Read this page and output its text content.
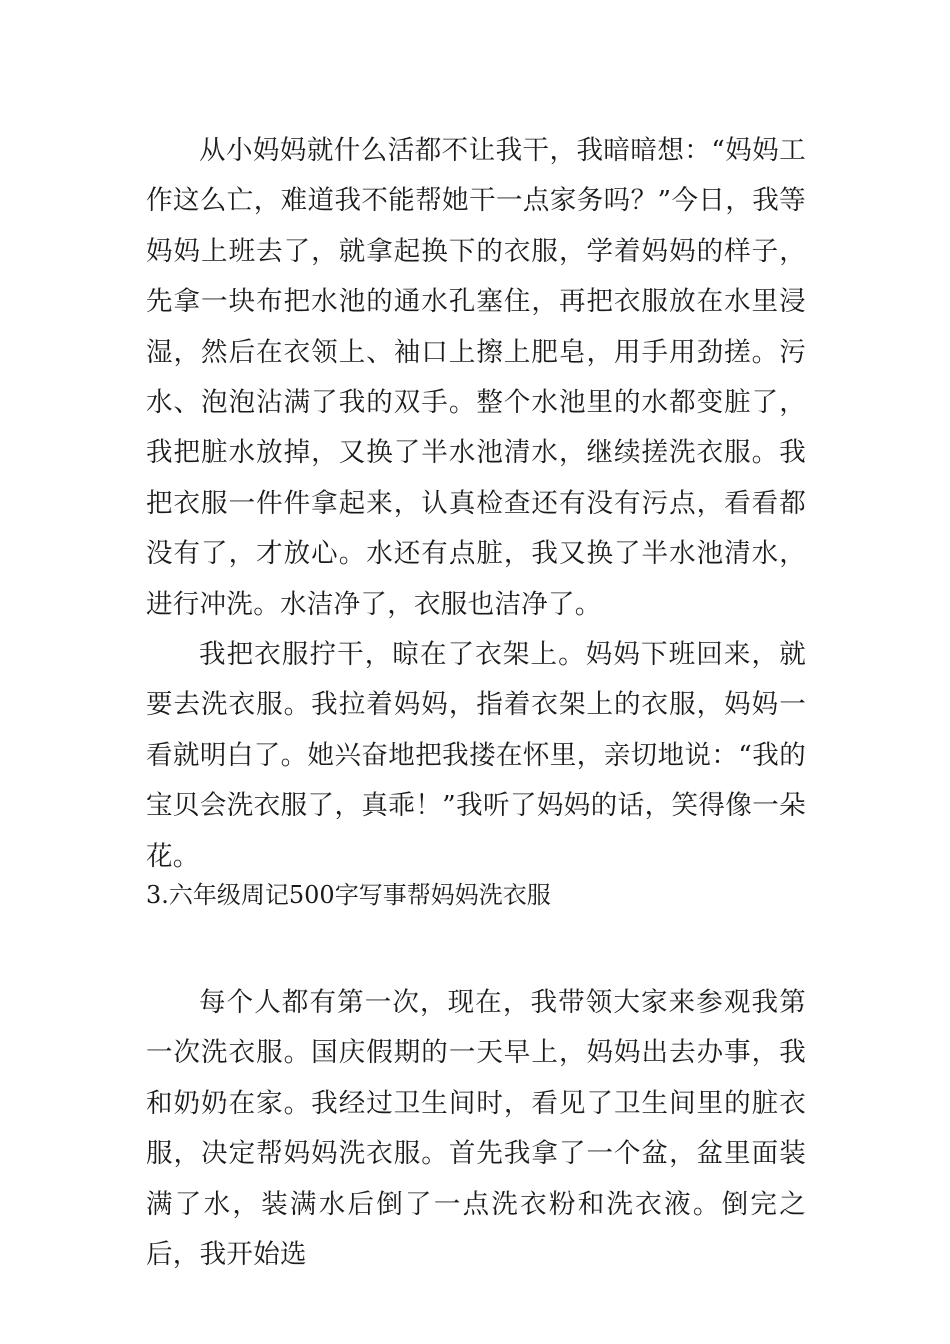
从小妈妈就什么活都不让我干，我暗暗想：“妈妈工作这么亡，难道我不能帮她干一点家务吗？”今日，我等妈妈上班去了，就拿起换下的衣服，学着妈妈的样子，先拿一块布把水池的通水孔塞住，再把衣服放在水里浸湿，然后在衣领上、袖口上擦上肥皂，用手用劲搓。污水、泡泡沾满了我的双手。整个水池里的水都变脏了，我把脏水放掉，又换了半水池清水，继续搓洗衣服。我把衣服一件件拿起来，认真检查还有没有污点，看看都没有了，才放心。水还有点脏，我又换了半水池清水，进行冲洗。水洁净了，衣服也洁净了。

我把衣服拧干，晾在了衣架上。妈妈下班回来，就要去洗衣服。我拉着妈妈，指着衣架上的衣服，妈妈一看就明白了。她兴奋地把我搂在怀里，亲切地说：“我的宝贝会洗衣服了，真乖！”我听了妈妈的话，笑得像一朵花。

3.六年级周记500字写事帮妈妈洗衣服

每个人都有第一次，现在，我带领大家来参观我第一次洗衣服。国庆假期的一天早上，妈妈出去办事，我和奶奶在家。我经过卫生间时，看见了卫生间里的脏衣服，决定帮妈妈洗衣服。首先我拿了一个盆，盆里面装满了水，装满水后倒了一点洗衣粉和洗衣液。倒完之后，我开始选
